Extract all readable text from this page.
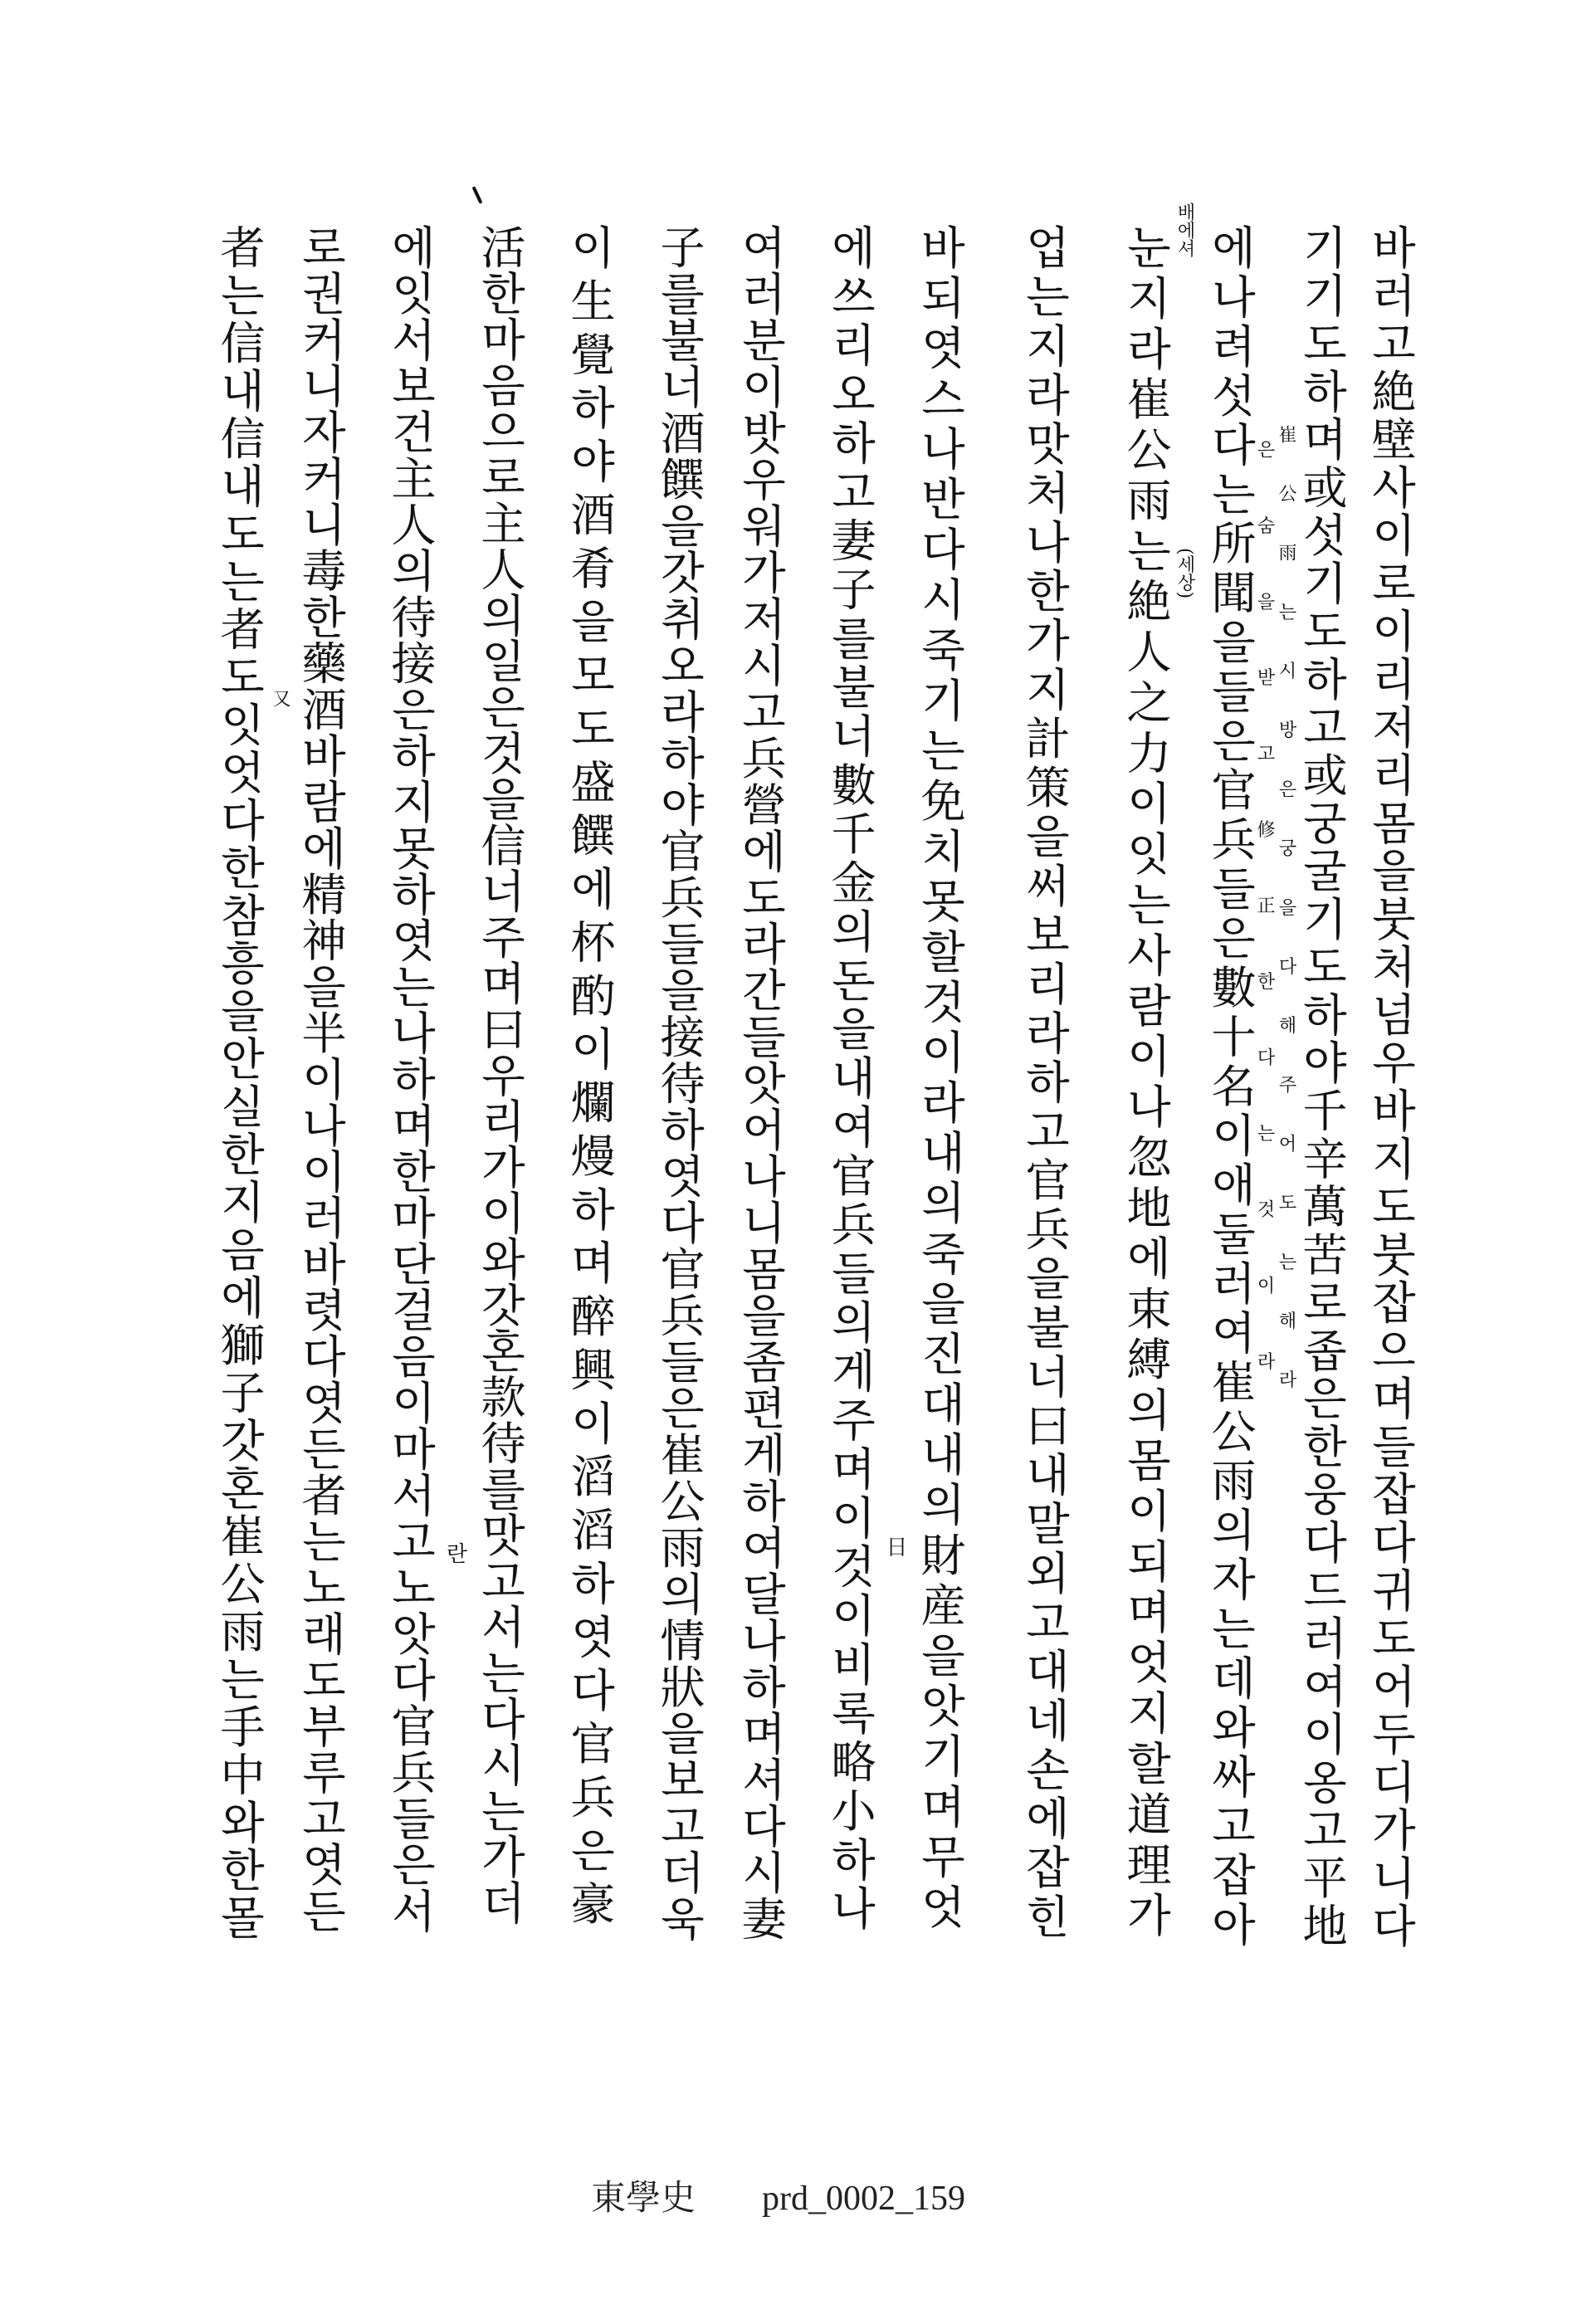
바러고絶壁사이로이리저리몸을붓처넘우바지도붓잡으며들잡다귀도어두디가니다
기기도하며或섯기도하고或궁굴기도하야千辛萬苦로좁은한웅다드러여이옹고平地
에나려섯다는所聞을들은官兵들은數十名이애둘러여崔公雨의자는데와싸고잡아
눈지라崔公雨는絶人之力이잇는사람이나忽地에束縛의몸이되며엇지할道理가
업는지라맛처나한가지計策을써보리라하고官兵을불너曰내말외고대네손에잡힌
바되엿스나반다시죽기는免치못할것이라내의죽을진대내의財産을앗기며무엇
에쓰리오하고妻子를불너數千金의돈을내여官兵들의게주며이것이비록略小하나
여러분이밧우워가저시고兵營에도라간들앗어나니몸을좀편게하여달나하며셔다시妻
子를불너酒饌을갓취오라하야官兵들을接待하엿다官兵들은崔公雨의情狀을보고더욱
이生覺하야酒肴을모도盛饌에杯酌이爛熳하며醉興이滔滔하엿다官兵은豪
活한마음으로主人의일은것을信너주며曰우리가이와갓혼款待를맛고서는다시는가더
에잇서보건主人의待接은하지못하엿는나하며한마단걸음이마서고노앗다官兵들은서
로권커니자커니毒한藥酒바람에精神을半이나이러바렷다엿든者는노래도부루고엿든
者는信내信내도는者도잇엇다한참흥을안실한지음에獅子갓혼崔公雨는手中와한몰	배에셔
(세상)	崔公雨는시방은궁을다해주어도는해라
은숨을받고修正한다는것이라
日
란
又
東學史 prd_0002_159
